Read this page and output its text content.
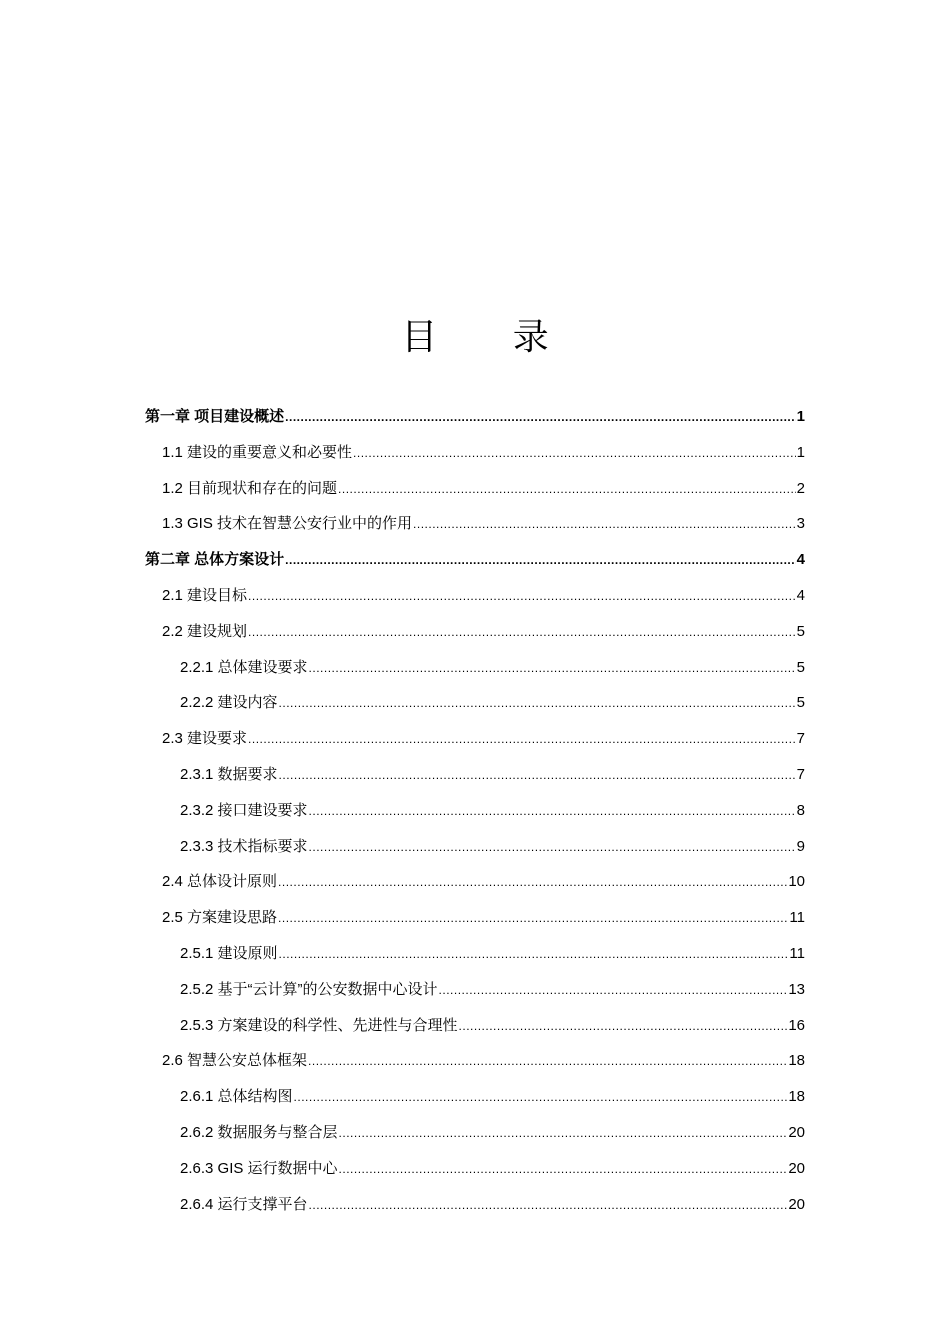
目 录
第一章 项目建设概述 .....	1
1.1 建设的重要意义和必要性 .....	1
1.2 目前现状和存在的问题 .....	2
1.3 GIS 技术在智慧公安行业中的作用 .....	3
第二章 总体方案设计 .....	4
2.1 建设目标 .....	4
2.2 建设规划 .....	5
2.2.1 总体建设要求 .....	5
2.2.2 建设内容 .....	5
2.3 建设要求 .....	7
2.3.1 数据要求 .....	7
2.3.2 接口建设要求 .....	8
2.3.3 技术指标要求 .....	9
2.4 总体设计原则 .....	10
2.5 方案建设思路 .....	11
2.5.1 建设原则 .....	11
2.5.2 基于“云计算”的公安数据中心设计 .....	13
2.5.3 方案建设的科学性、先进性与合理性 .....	16
2.6 智慧公安总体框架 .....	18
2.6.1 总体结构图 .....	18
2.6.2 数据服务与整合层 .....	20
2.6.3 GIS 运行数据中心 .....	20
2.6.4 运行支撑平台 .....	20
